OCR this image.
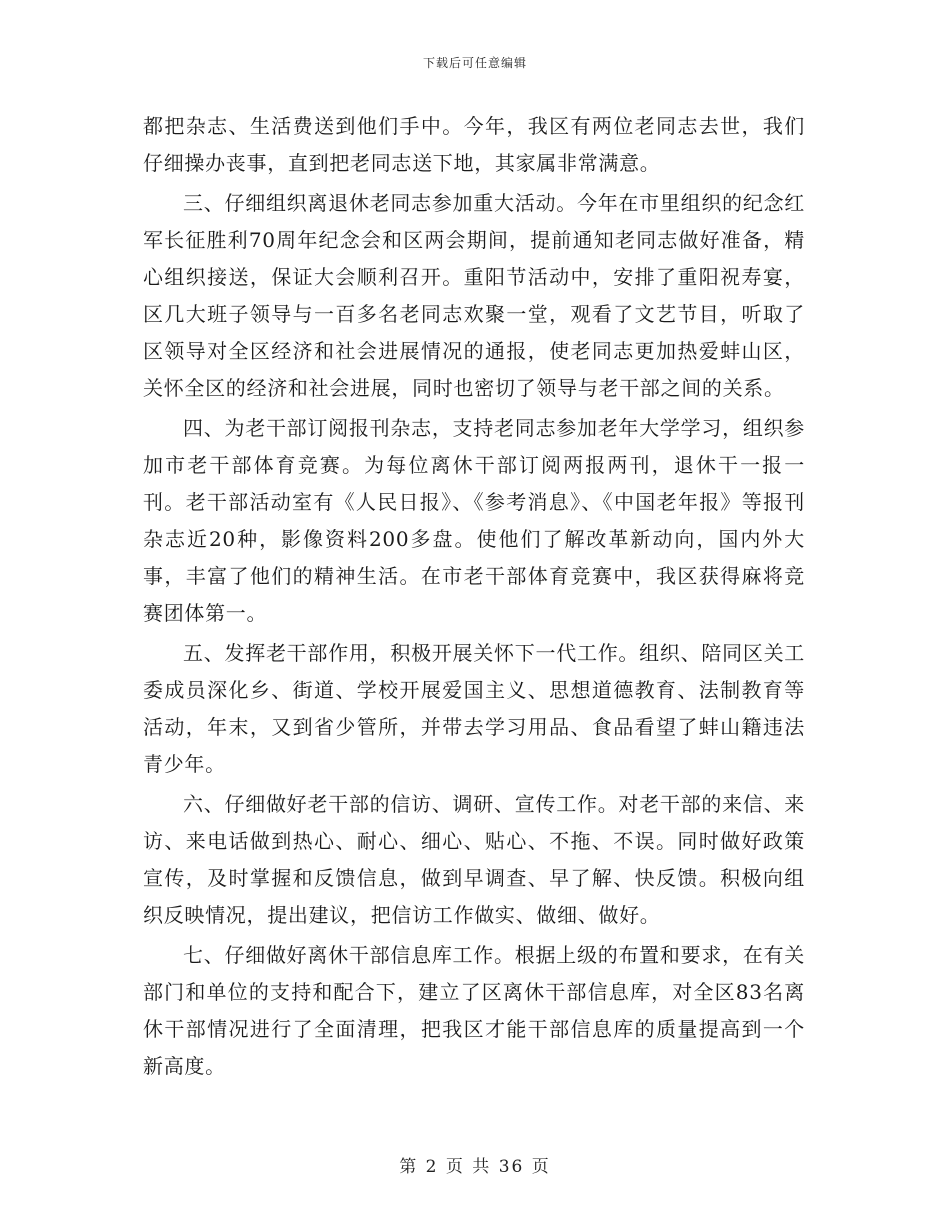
下载后可任意编辑

都把杂志、生活费送到他们手中。今年，我区有两位老同志去世，我们仔细操办丧事，直到把老同志送下地，其家属非常满意。

三、仔细组织离退休老同志参加重大活动。今年在市里组织的纪念红军长征胜利70周年纪念会和区两会期间，提前通知老同志做好准备，精心组织接送，保证大会顺利召开。重阳节活动中，安排了重阳祝寿宴，区几大班子领导与一百多名老同志欢聚一堂，观看了文艺节目，听取了区领导对全区经济和社会进展情况的通报，使老同志更加热爱蚌山区，关怀全区的经济和社会进展，同时也密切了领导与老干部之间的关系。

四、为老干部订阅报刊杂志，支持老同志参加老年大学学习，组织参加市老干部体育竞赛。为每位离休干部订阅两报两刊，退休干一报一刊。老干部活动室有《人民日报》、《参考消息》、《中国老年报》等报刊杂志近20种，影像资料200多盘。使他们了解改革新动向，国内外大事，丰富了他们的精神生活。在市老干部体育竞赛中，我区获得麻将竞赛团体第一。

五、发挥老干部作用，积极开展关怀下一代工作。组织、陪同区关工委成员深化乡、街道、学校开展爱国主义、思想道德教育、法制教育等活动，年末，又到省少管所，并带去学习用品、食品看望了蚌山籍违法青少年。

六、仔细做好老干部的信访、调研、宣传工作。对老干部的来信、来访、来电话做到热心、耐心、细心、贴心、不拖、不误。同时做好政策宣传，及时掌握和反馈信息，做到早调查、早了解、快反馈。积极向组织反映情况，提出建议，把信访工作做实、做细、做好。

七、仔细做好离休干部信息库工作。根据上级的布置和要求，在有关部门和单位的支持和配合下，建立了区离休干部信息库，对全区83名离休干部情况进行了全面清理，把我区才能干部信息库的质量提高到一个新高度。

第 2 页 共 36 页
